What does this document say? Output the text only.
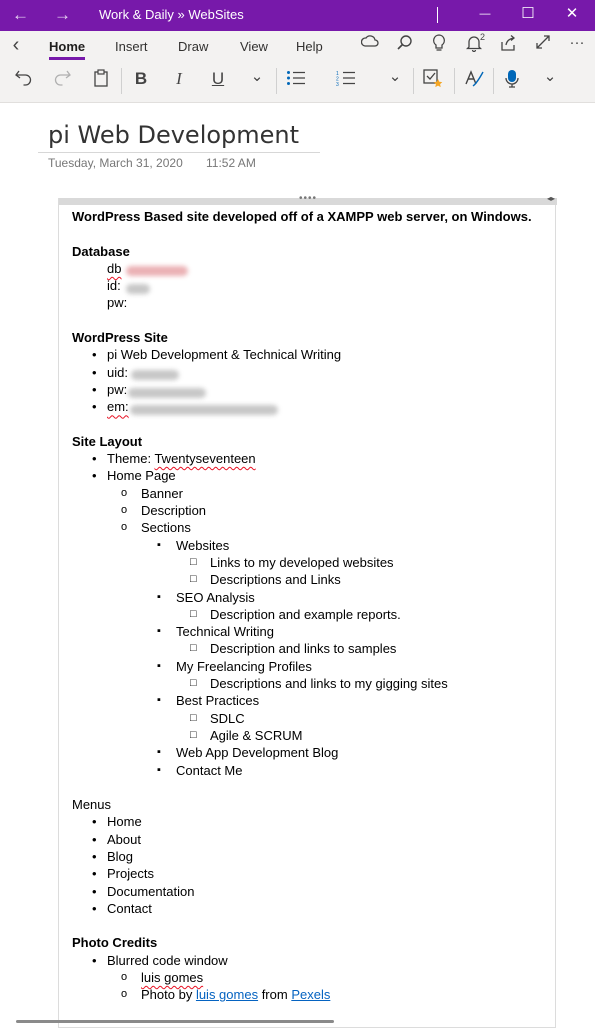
← → Work & Daily » WebSites	—	☐	✕
‹	Home Insert Draw View Help
2	···
B	I	U	⌄	1
2
3	⌄	⌄
pi Web Development
Tuesday, March 31, 2020 11:52 AM
••••	◂▸
WordPress Based site developed off of a XAMPP web server, on Windows.
Database
db
id:
pw:
WordPress Site
• pi Web Development & Technical Writing
• uid:
• pw:
• em:
Site Layout
• Theme: Twentyseventeen
• Home Page
o Banner
o Description
o Sections
▪ Websites
□ Links to my developed websites
□ Descriptions and Links
▪ SEO Analysis
□ Description and example reports.
▪ Technical Writing
□ Description and links to samples
▪ My Freelancing Profiles
□ Descriptions and links to my gigging sites
▪ Best Practices
□ SDLC
□ Agile & SCRUM
▪ Web App Development Blog
▪ Contact Me
Menus
• Home
• About
• Blog
• Projects
• Documentation
• Contact
Photo Credits
• Blurred code window
o luis gomes
o Photo by luis gomes from Pexels
